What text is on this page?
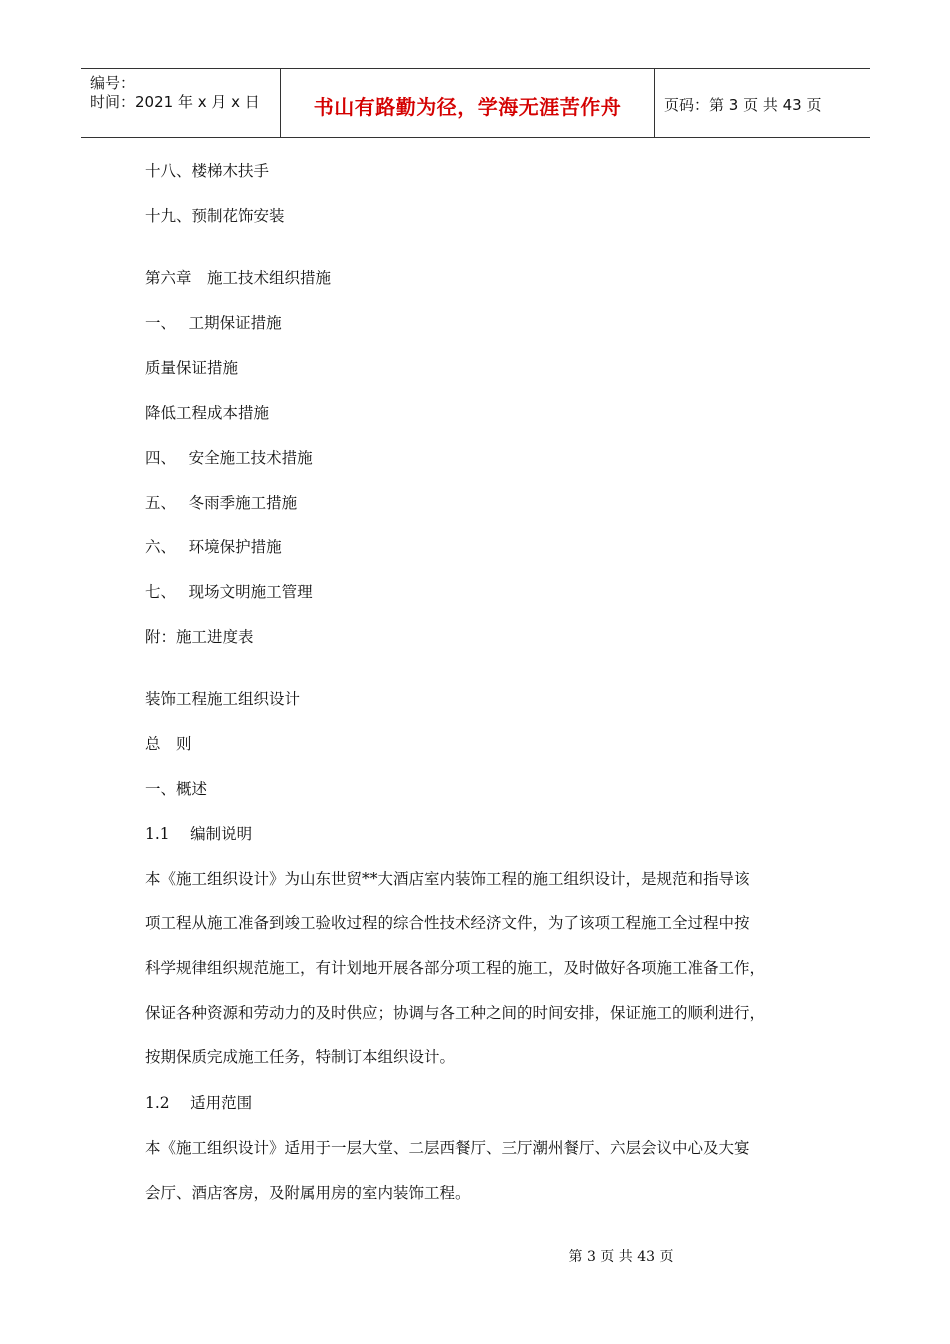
编号：
时间：2021 年 x 月 x 日	书山有路勤为径，学海无涯苦作舟	页码：第 3 页 共 43 页
十八、楼梯木扶手
十九、预制花饰安装
第六章　施工技术组织措施
一、　 工期保证措施
质量保证措施
降低工程成本措施
四、　 安全施工技术措施
五、　 冬雨季施工措施
六、　 环境保护措施
七、　 现场文明施工管理
附：施工进度表
装饰工程施工组织设计
总　则
一、概述
1.1　 编制说明
本《施工组织设计》为山东世贸**大酒店室内装饰工程的施工组织设计，是规范和指导该
项工程从施工准备到竣工验收过程的综合性技术经济文件，为了该项工程施工全过程中按
科学规律组织规范施工，有计划地开展各部分项工程的施工，及时做好各项施工准备工作，
保证各种资源和劳动力的及时供应；协调与各工种之间的时间安排，保证施工的顺利进行，
按期保质完成施工任务，特制订本组织设计。
1.2　 适用范围
本《施工组织设计》适用于一层大堂、二层西餐厅、三厅潮州餐厅、六层会议中心及大宴
会厅、酒店客房，及附属用房的室内装饰工程。
第 3 页 共 43 页
